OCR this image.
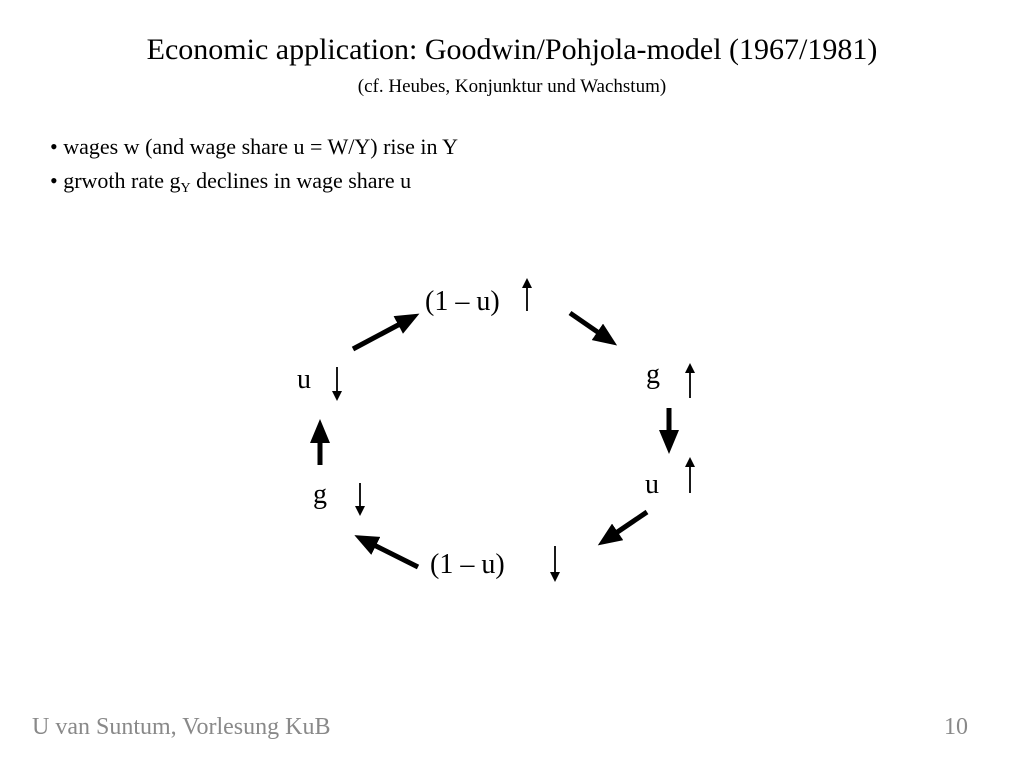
Economic application: Goodwin/Pohjola-model (1967/1981)
(cf. Heubes, Konjunktur und Wachstum)
• wages w (and wage share u = W/Y) rise in Y
• grwoth rate $g_Y$ declines in wage share u
(1 – u)
g
u
(1 – u)
g
u
U van Suntum, Vorlesung KuB	10
